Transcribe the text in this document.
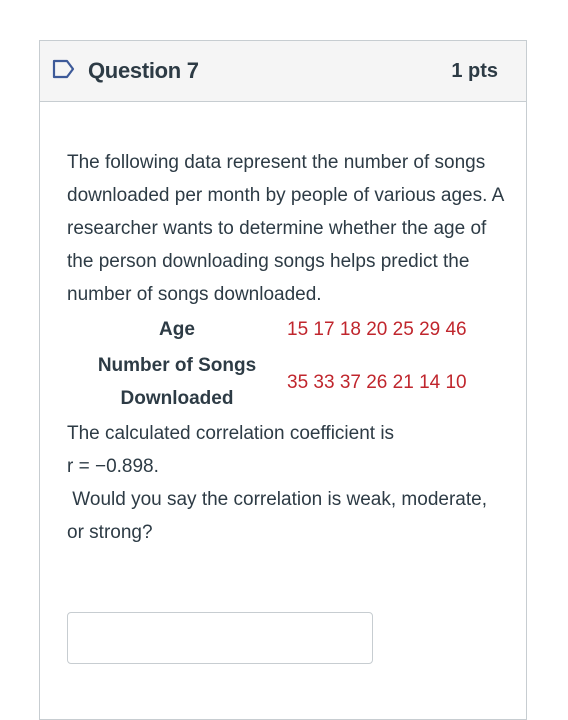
Question 7	1 pts

The following data represent the number of songs downloaded per month by people of various ages. A researcher wants to determine whether the age of the person downloading songs helps predict the number of songs downloaded.

Age	15 17 18 20 25 29 46

Number of Songs
Downloaded	35 33 37 26 21 14 10
The calculated correlation coefficient is
r = −0.898.
Would you say the correlation is weak, moderate, or strong?
